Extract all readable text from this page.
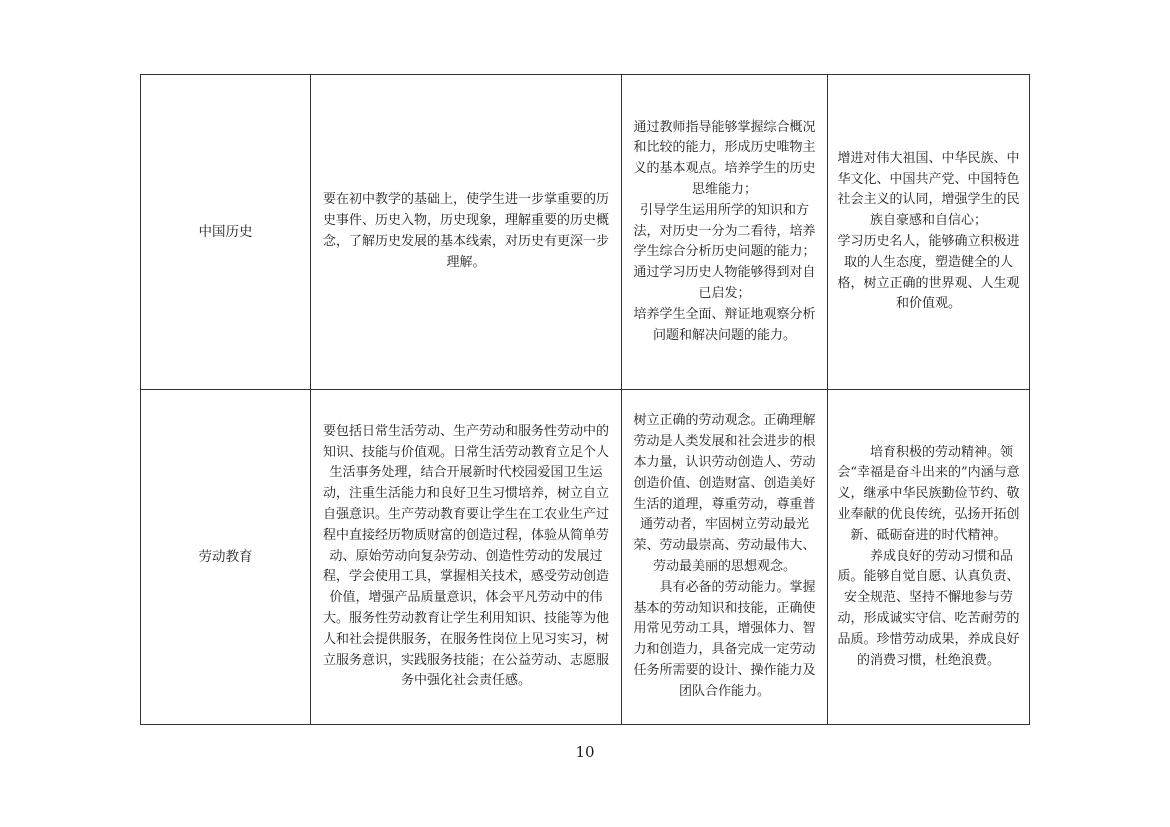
中国历史	要在初中教学的基础上，使学生进一步掌重要的历史事件、历史入物，历史现象，理解重要的历史概念，了解历史发展的基本线索，对历史有更深一步理解。	通过教师指导能够掌握综合概况和比较的能力，形成历史唯物主义的基本观点。培养学生的历史思维能力；
引导学生运用所学的知识和方法，对历史一分为二看待，培养学生综合分析历史问题的能力；
通过学习历史人物能够得到对自已启发；
培养学生全面、辩证地观察分析问题和解决问题的能力。	增进对伟大祖国、中华民族、中华文化、中国共产党、中国特色社会主义的认同，增强学生的民族自豪感和自信心；
学习历史名人，能够确立积极进取的人生态度，塑造健全的人格，树立正确的世界观、人生观和价值观。

劳动教育	要包括日常生活劳动、生产劳动和服务性劳动中的知识、技能与价值观。日常生活劳动教育立足个人生活事务处理，结合开展新时代校园爱国卫生运动，注重生活能力和良好卫生习惯培养，树立自立自强意识。生产劳动教育要让学生在工农业生产过程中直接经历物质财富的创造过程，体验从简单劳动、原始劳动向复杂劳动、创造性劳动的发展过程，学会使用工具，掌握相关技术，感受劳动创造价值，增强产品质量意识，体会平凡劳动中的伟大。服务性劳动教育让学生利用知识、技能等为他人和社会提供服务，在服务性岗位上见习实习，树立服务意识，实践服务技能；在公益劳动、志愿服务中强化社会责任感。	树立正确的劳动观念。正确理解劳动是人类发展和社会进步的根本力量，认识劳动创造人、劳动创造价值、创造财富、创造美好生活的道理，尊重劳动，尊重普通劳动者，牢固树立劳动最光荣、劳动最崇高、劳动最伟大、劳动最美丽的思想观念。
具有必备的劳动能力。掌握基本的劳动知识和技能，正确使用常见劳动工具，增强体力、智力和创造力，具备完成一定劳动任务所需要的设计、操作能力及团队合作能力。	培育积极的劳动精神。领会“幸福是奋斗出来的”内涵与意义，继承中华民族勤俭节约、敬业奉献的优良传统，弘扬开拓创新、砥砺奋进的时代精神。
养成良好的劳动习惯和品质。能够自觉自愿、认真负责、安全规范、坚持不懈地参与劳动，形成诚实守信、吃苦耐劳的品质。珍惜劳动成果，养成良好的消费习惯，杜绝浪费。
10
